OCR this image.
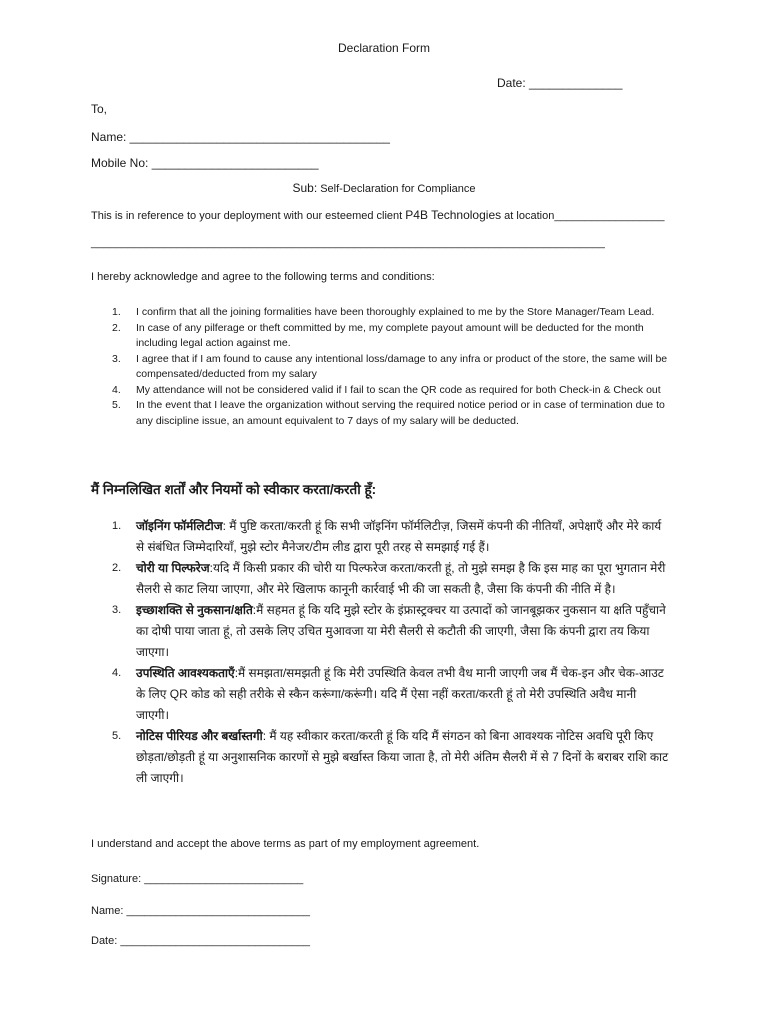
Declaration Form
Date: ______________
To,
Name: _______________________________________
Mobile No: _________________________
Sub: Self-Declaration for Compliance
This is in reference to your deployment with our esteemed client P4B Technologies at location__________________
____________________________________________________________________________________
I hereby acknowledge and agree to the following terms and conditions:
1. I confirm that all the joining formalities have been thoroughly explained to me by the Store Manager/Team Lead.
2. In case of any pilferage or theft committed by me, my complete payout amount will be deducted for the month including legal action against me.
3. I agree that if I am found to cause any intentional loss/damage to any infra or product of the store, the same will be compensated/deducted from my salary
4. My attendance will not be considered valid if I fail to scan the QR code as required for both Check-in & Check out
5. In the event that I leave the organization without serving the required notice period or in case of termination due to any discipline issue, an amount equivalent to 7 days of my salary will be deducted.
मैं निम्नलिखित शर्तों और नियमों को स्वीकार करता/करती हूँ:
1. जॉइनिंग फॉर्मलिटीज: मैं पुष्टि करता/करती हूं कि सभी जॉइनिंग फॉर्मलिटीज़, जिसमें कंपनी की नीतियाँ, अपेक्षाएँ और मेरे कार्य से संबंधित जिम्मेदारियाँ, मुझे स्टोर मैनेजर/टीम लीड द्वारा पूरी तरह से समझाई गई हैं।
2. चोरी या पिल्फरेज:यदि मैं किसी प्रकार की चोरी या पिल्फरेज करता/करती हूं, तो मुझे समझ है कि इस माह का पूरा भुगतान मेरी सैलरी से काट लिया जाएगा, और मेरे खिलाफ कानूनी कार्रवाई भी की जा सकती है, जैसा कि कंपनी की नीति में है।
3. इच्छाशक्ति से नुकसान/क्षति:मैं सहमत हूं कि यदि मुझे स्टोर के इंफ्रास्ट्रक्चर या उत्पादों को जानबूझकर नुकसान या क्षति पहुँचाने का दोषी पाया जाता हूं, तो उसके लिए उचित मुआवजा या मेरी सैलरी से कटौती की जाएगी, जैसा कि कंपनी द्वारा तय किया जाएगा।
4. उपस्थिति आवश्यकताएँ:मैं समझता/समझती हूं कि मेरी उपस्थिति केवल तभी वैध मानी जाएगी जब मैं चेक-इन और चेक-आउट के लिए QR कोड को सही तरीके से स्कैन करूंगा/करूंगी। यदि मैं ऐसा नहीं करता/करती हूं तो मेरी उपस्थिति अवैध मानी जाएगी।
5. नोटिस पीरियड और बर्खास्तगी: मैं यह स्वीकार करता/करती हूं कि यदि मैं संगठन को बिना आवश्यक नोटिस अवधि पूरी किए छोड़ता/छोड़ती हूं या अनुशासनिक कारणों से मुझे बर्खास्त किया जाता है, तो मेरी अंतिम सैलरी में से 7 दिनों के बराबर राशि काट ली जाएगी।
I understand and accept the above terms as part of my employment agreement.
Signature: __________________________
Name: ______________________________
Date: _______________________________
